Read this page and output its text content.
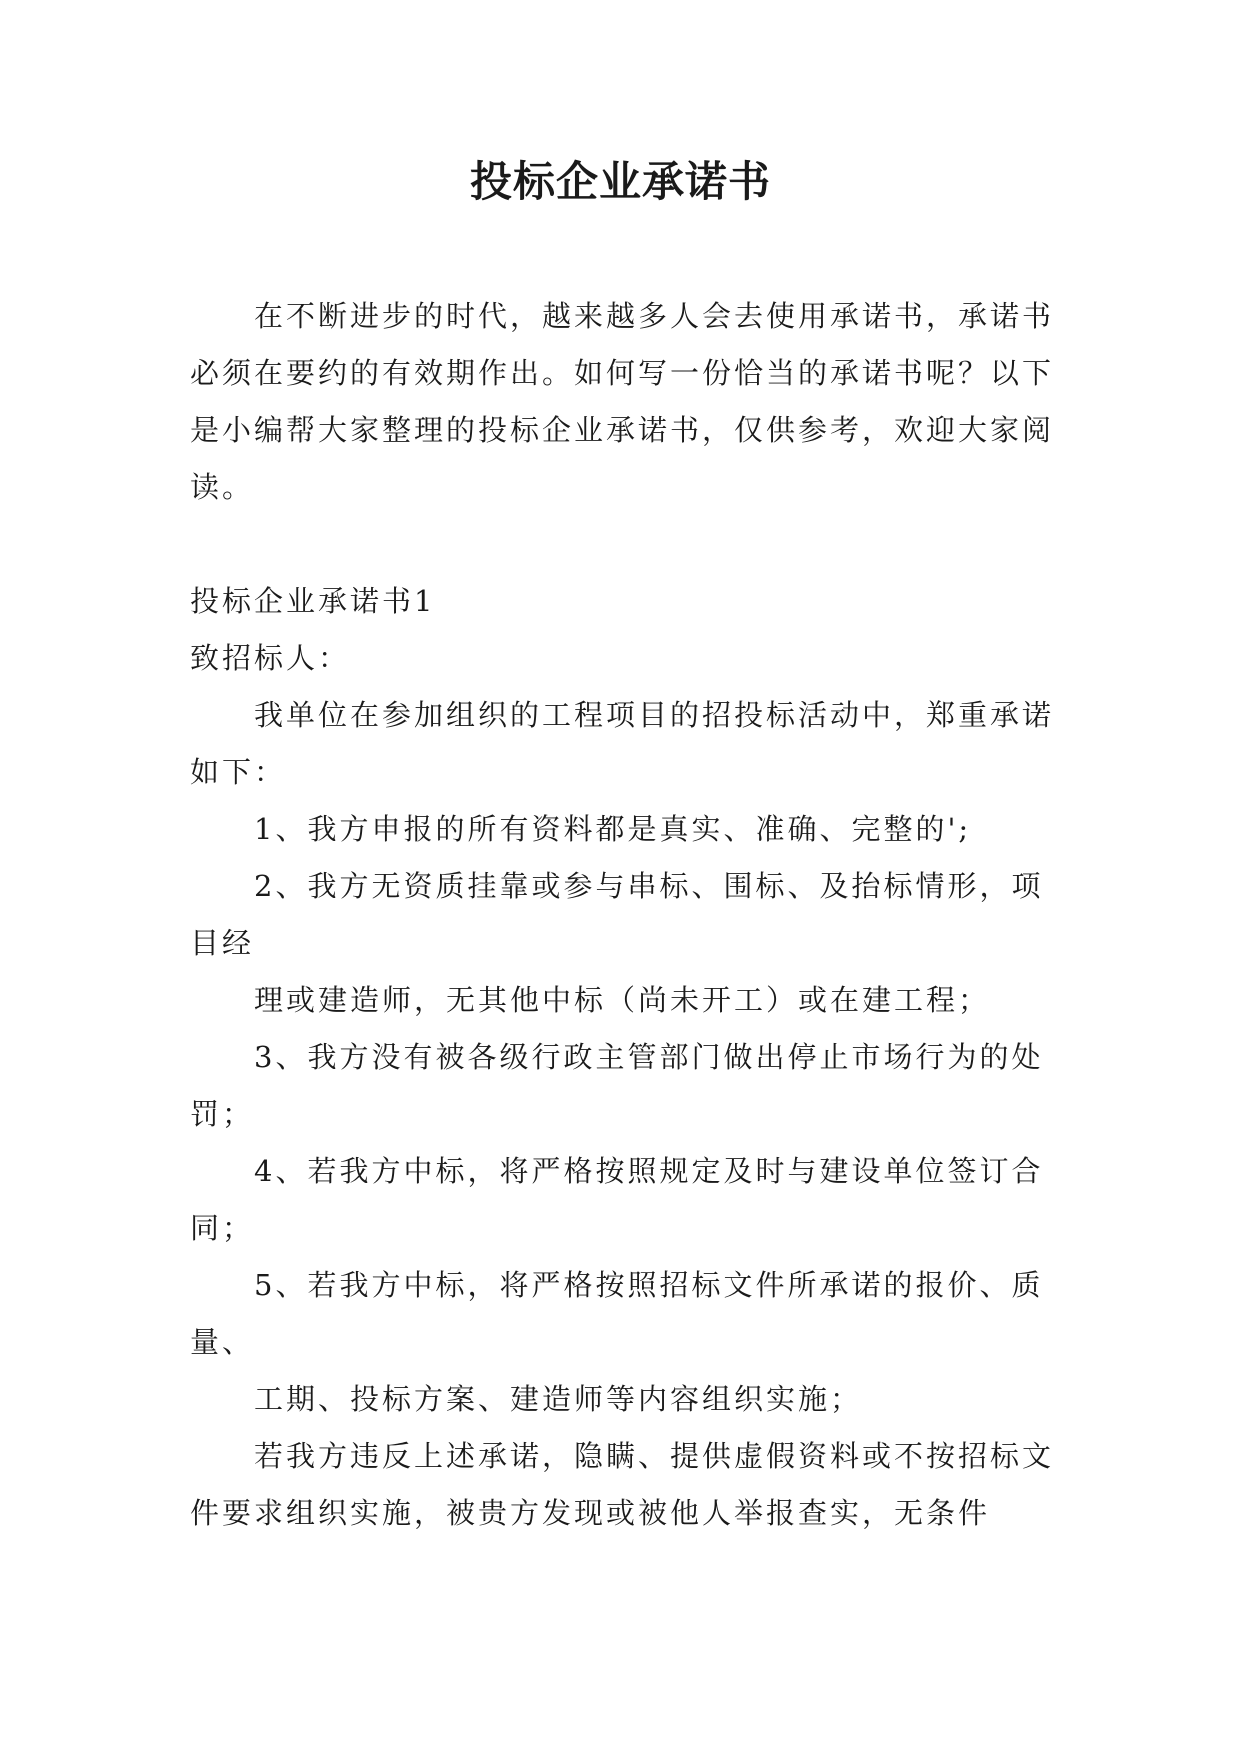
投标企业承诺书

在不断进步的时代，越来越多人会去使用承诺书，承诺书必须在要约的有效期作出。如何写一份恰当的承诺书呢？以下是小编帮大家整理的投标企业承诺书，仅供参考，欢迎大家阅读。

投标企业承诺书1

致招标人：

我单位在参加组织的工程项目的招投标活动中，郑重承诺如下：

1、我方申报的所有资料都是真实、准确、完整的';

2、我方无资质挂靠或参与串标、围标、及抬标情形，项目经

理或建造师，无其他中标（尚未开工）或在建工程；

3、我方没有被各级行政主管部门做出停止市场行为的处罚；

4、若我方中标，将严格按照规定及时与建设单位签订合同；

5、若我方中标，将严格按照招标文件所承诺的报价、质量、

工期、投标方案、建造师等内容组织实施；

若我方违反上述承诺，隐瞒、提供虚假资料或不按招标文件要求组织实施，被贵方发现或被他人举报查实，无条件
